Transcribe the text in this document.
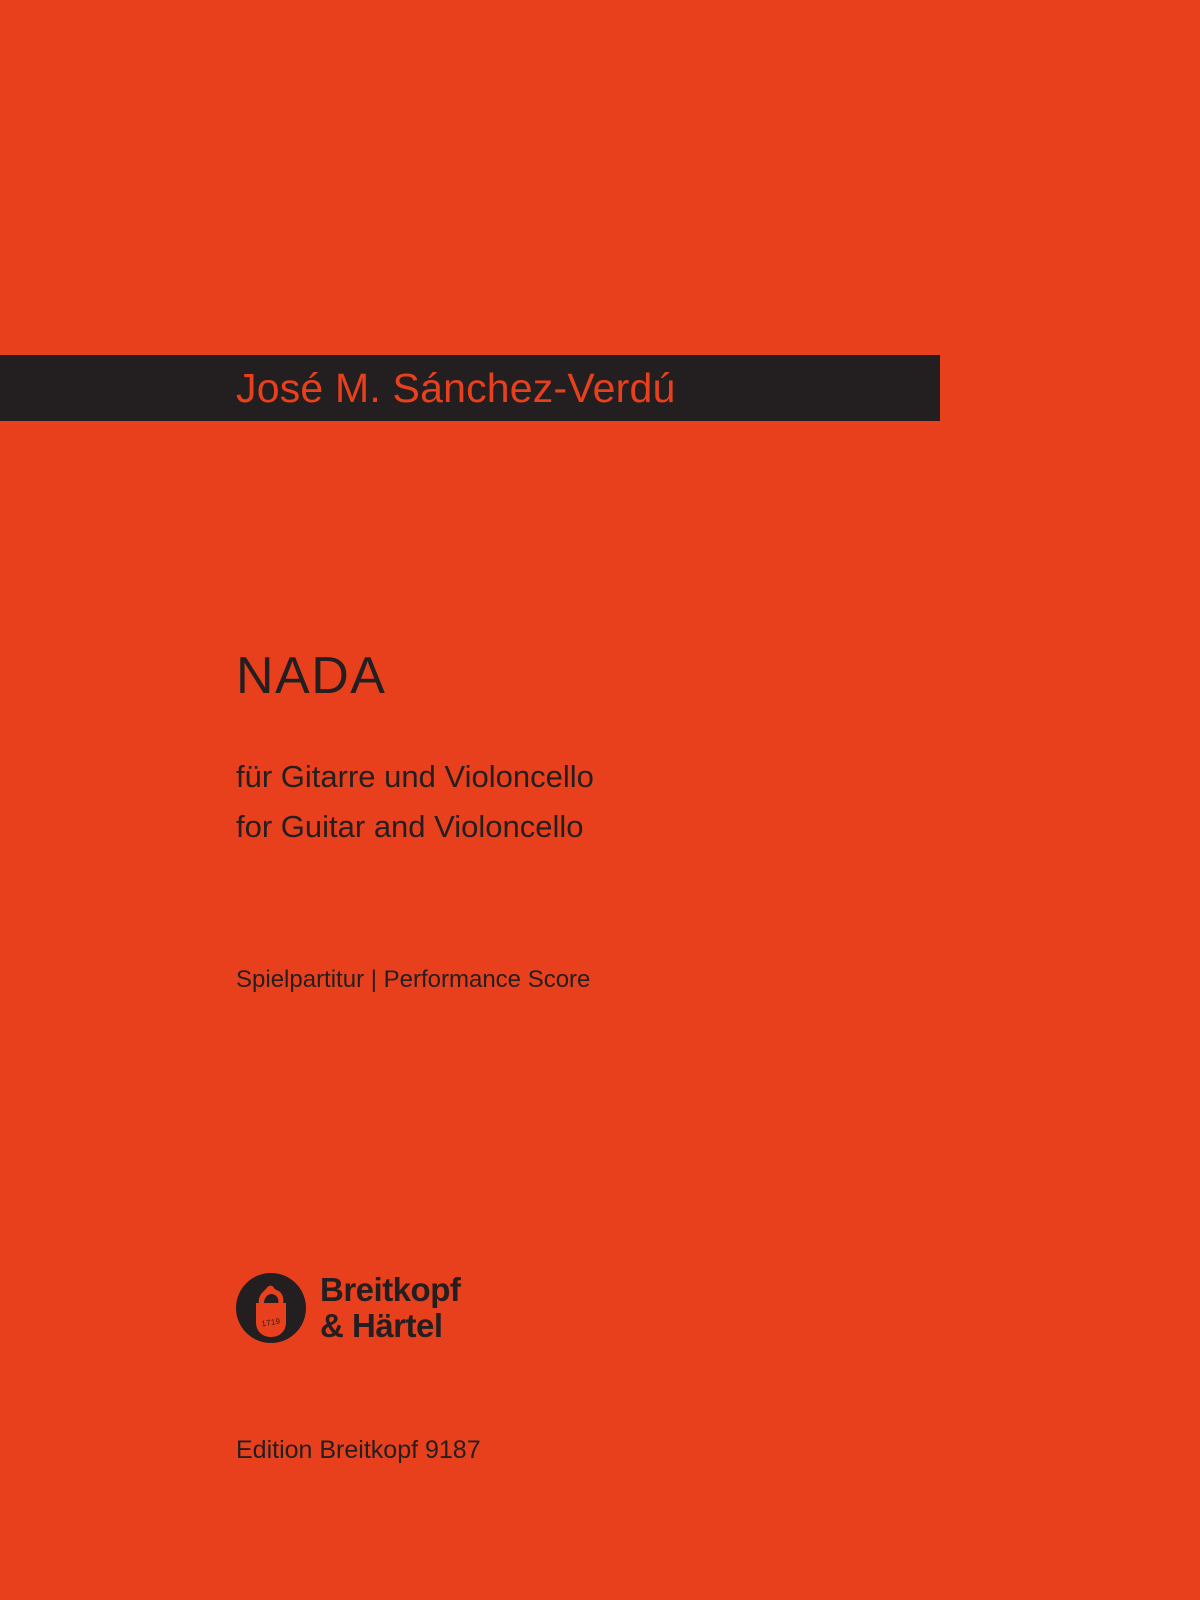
José M. Sánchez-Verdú
NADA
für Gitarre und Violoncello
for Guitar and Violoncello
Spielpartitur | Performance Score
1719
Breitkopf
& Härtel
Edition Breitkopf 9187
